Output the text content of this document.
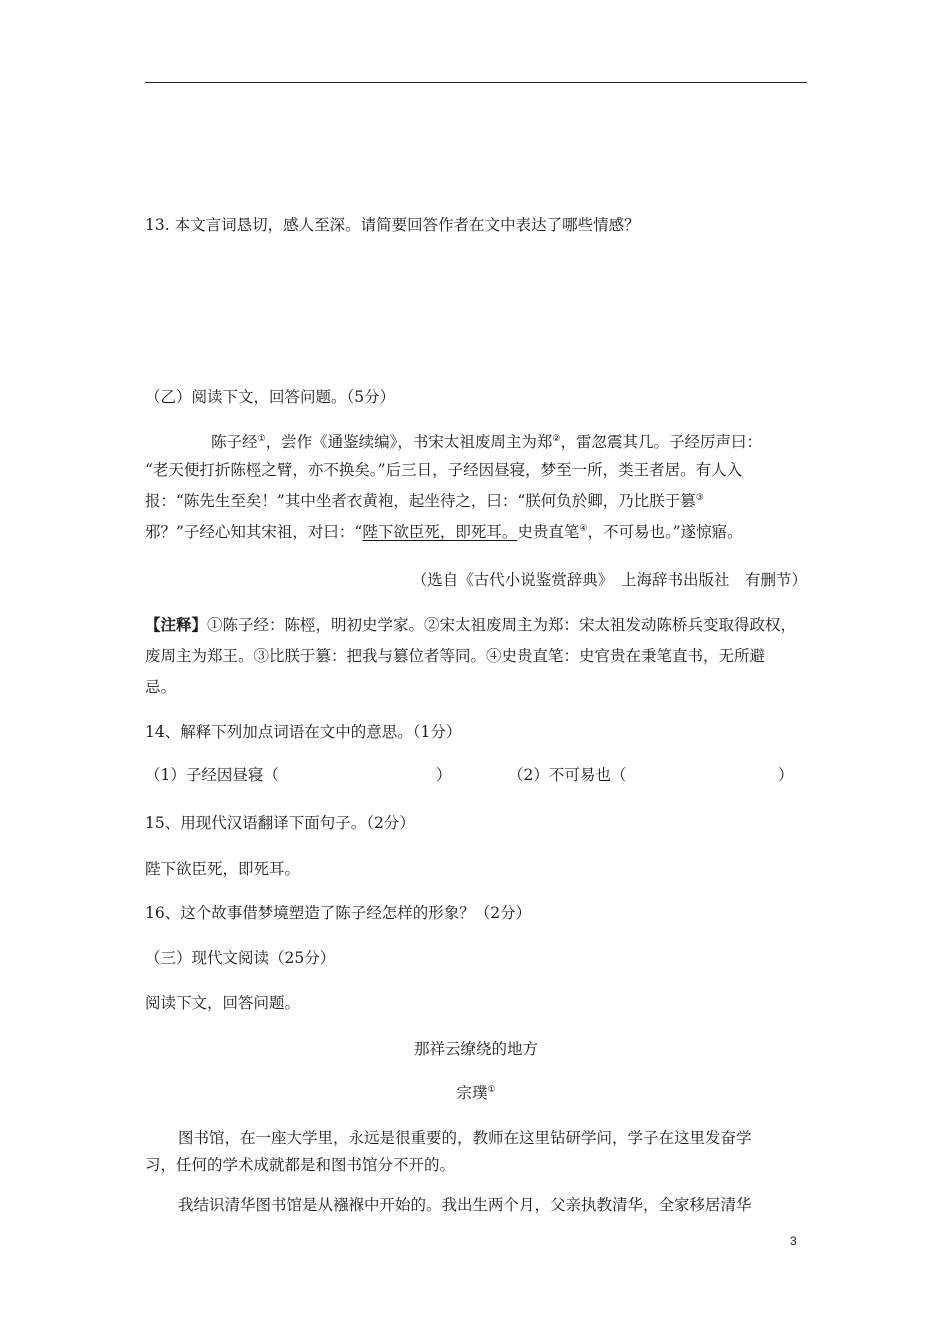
13. 本文言词恳切，感人至深。请简要回答作者在文中表达了哪些情感？
（乙）阅读下文，回答问题。（5分）
陈子经①，尝作《通鉴续编》，书宋太祖废周主为郑②，雷忽震其几。子经厉声曰：
“老天便打折陈桱之臂，亦不换矣。”后三日，子经因昼寝，梦至一所，类王者居。有人入
报：“陈先生至矣！”其中坐者衣黄袍，起坐待之，曰：“朕何负於卿，乃比朕于篡③
邪？”子经心知其宋祖，对曰：“陛下欲臣死，即死耳。史贵直笔④，不可易也。”遂惊寤。
（选自《古代小说鉴赏辞典》　上海辞书出版社　有删节）
【注释】①陈子经：陈桱，明初史学家。②宋太祖废周主为郑：宋太祖发动陈桥兵变取得政权，
废周主为郑王。③比朕于篡：把我与篡位者等同。④史贵直笔：史官贵在秉笔直书，无所避
忌。
14、解释下列加点词语在文中的意思。（1分）
（1）子经因昼寝（	）	（2）不可易也（	）
15、用现代汉语翻译下面句子。（2分）
陛下欲臣死，即死耳。
16、这个故事借梦境塑造了陈子经怎样的形象？（2分）
（三）现代文阅读（25分）
阅读下文，回答问题。
那祥云缭绕的地方
宗璞①
图书馆，在一座大学里，永远是很重要的，教师在这里钻研学问，学子在这里发奋学
习，任何的学术成就都是和图书馆分不开的。
我结识清华图书馆是从襁褓中开始的。我出生两个月，父亲执教清华，全家移居清华
3
